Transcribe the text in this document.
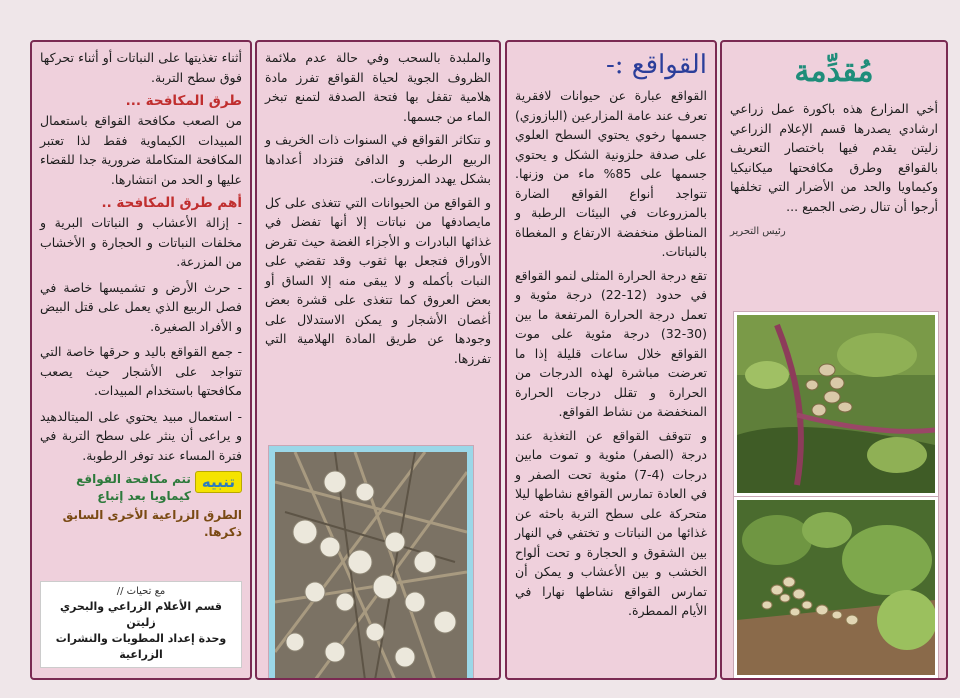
مُقدِّمة

أخي المزارع هذه باكورة عمل زراعي ارشادي يصدرها قسم الإعلام الزراعي زليتن يقدم فيها باختصار التعريف بالقواقع وطرق مكافحتها ميكانيكيا وكيماويا والحد من الأضرار التي تخلفها أرجوا أن تنال رضى الجميع ...

رئيس التحرير
القواقع :-

القواقع عبارة عن حيوانات لافقرية تعرف عند عامة المزارعين (البازوزي) جسمها رخوي يحتوي السطح العلوي على صدفة حلزونية الشكل و يحتوي جسمها على 85% ماء من وزنها. تتواجد أنواع القواقع الضارة بالمزروعات في البيئات الرطبة و المناطق منخفضة الارتفاع و المغطاة بالنباتات.

تقع درجة الحرارة المثلى لنمو القواقع في حدود (12-22) درجة مئوية و تعمل درجة الحرارة المرتفعة ما بين (30-32) درجة مئوية على موت القواقع خلال ساعات قليلة إذا ما تعرضت مباشرة لهذه الدرجات من الحرارة و تقلل درجات الحرارة المنخفضة من نشاط القواقع.

و تتوقف القواقع عن التغذية عند درجة (الصفر) مئوية و تموت مابين درجات (4-7) مئوية تحت الصفر و في العادة تمارس القواقع نشاطها ليلا متحركة على سطح التربة باحثه عن غذائها من النباتات و تختفي في النهار بين الشقوق و الحجارة و تحت ألواح الخشب و بين الأعشاب و يمكن أن تمارس القواقع نشاطها نهارا في الأيام الممطرة.

والملبدة بالسحب وفي حالة عدم ملائمة الظروف الجوية لحياة القواقع تفرز مادة هلامية تقفل بها فتحة الصدفة لتمنع تبخر الماء من جسمها.

و تتكاثر القواقع في السنوات ذات الخريف و الربيع الرطب و الدافئ فتزداد أعدادها بشكل يهدد المزروعات.

و القواقع من الحيوانات التي تتغذى على كل مايصادفها من نباتات إلا أنها تفضل في غذائها البادرات و الأجزاء الغضة حيث تقرض الأوراق فتجعل بها ثقوب وقد تقضي على النبات بأكمله و لا يبقى منه إلا الساق أو بعض العروق كما تتغذى على قشرة بعض أغصان الأشجار و يمكن الاستدلال على وجودها عن طريق المادة الهلامية التي تفرزها.

أثناء تغذيتها على النباتات أو أثناء تحركها فوق سطح التربة.

طرق المكافحة ...

من الصعب مكافحة القواقع باستعمال المبيدات الكيماوية فقط لذا تعتبر المكافحة المتكاملة ضرورية جدا للقضاء عليها و الحد من انتشارها.

أهم طرق المكافحة ..
- إزالة الأعشاب و النباتات البرية و مخلفات النباتات و الحجارة و الأخشاب من المزرعة.
- حرث الأرض و تشميسها خاصة في فصل الربيع الذي يعمل على قتل البيض و الأفراد الصغيرة.
- جمع القواقع باليد و حرقها خاصة التي تتواجد على الأشجار حيث يصعب مكافحتها باستخدام المبيدات.
- استعمال مبيد يحتوي على الميتالدهيد و يراعى أن ينثر على سطح التربة في فترة المساء عند توفر الرطوبة.
تنبيه
تتم مكافحة القواقع كيماويا بعد إتباع

الطرق الزراعية الأخرى السابق ذكرها.

مع تحيات //

قسم الأعلام الزراعي والبحري زليتن

وحدة إعداد المطويات والنشرات الزراعية
